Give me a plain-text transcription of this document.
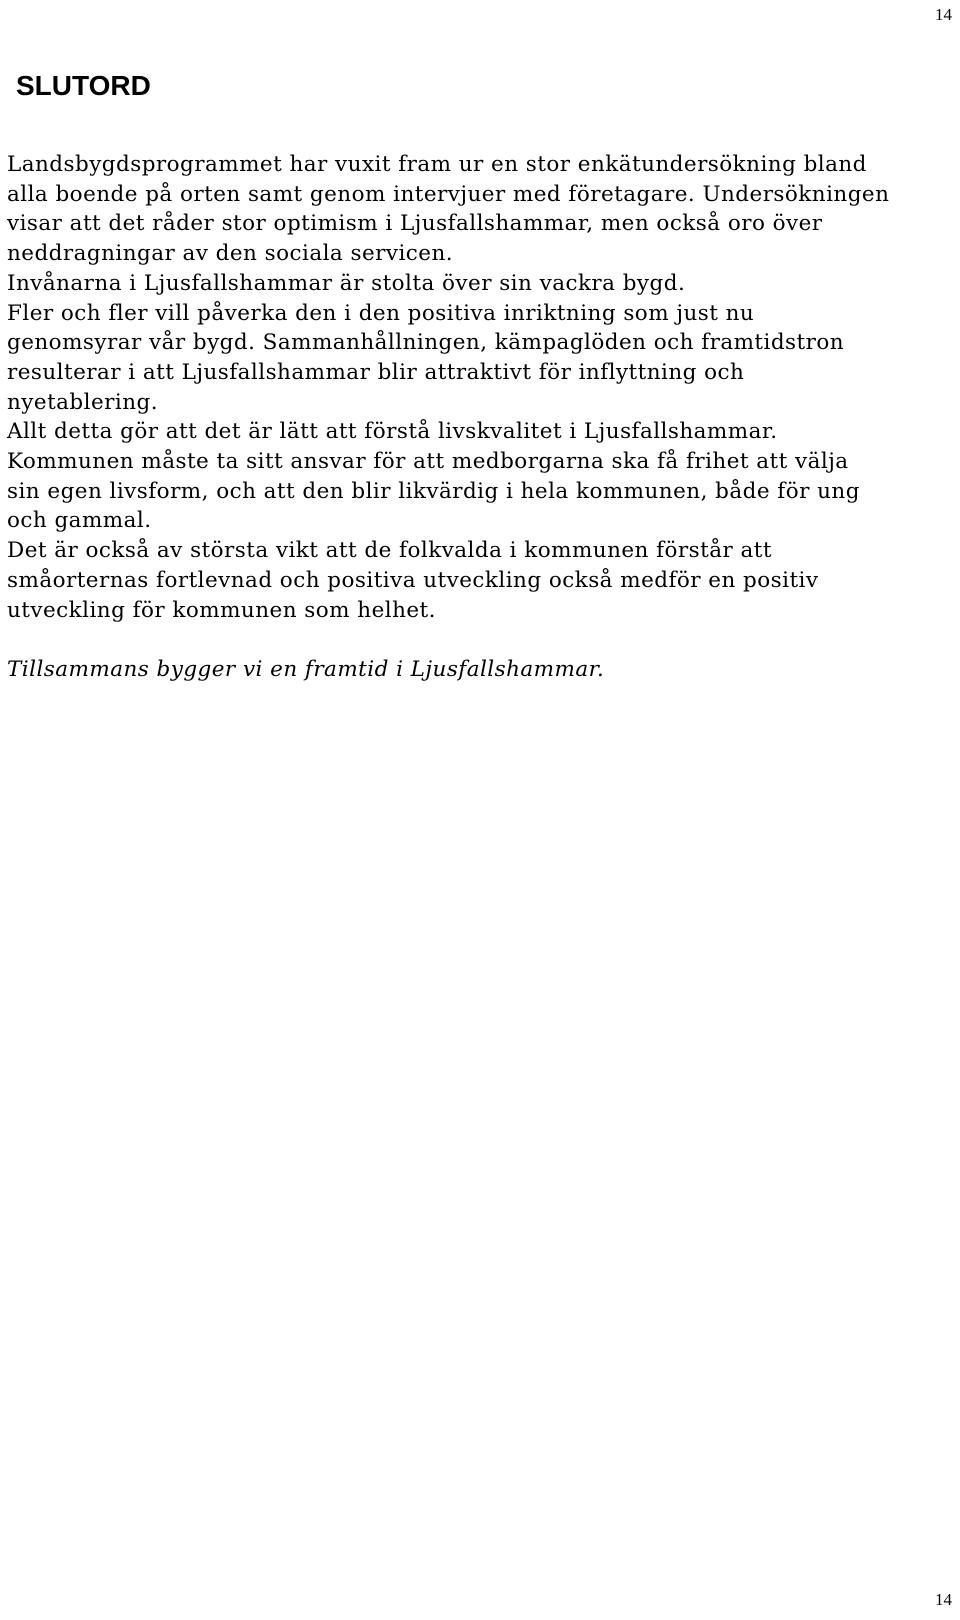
14
SLUTORD
Landsbygdsprogrammet har vuxit fram ur en stor enkätundersökning bland
alla boende på orten samt genom intervjuer med företagare. Undersökningen
visar att det råder stor optimism i Ljusfallshammar, men också oro över
neddragningar av den sociala servicen.
Invånarna i Ljusfallshammar är stolta över sin vackra bygd.
Fler och fler vill påverka den i den positiva inriktning som just nu
genomsyrar vår bygd. Sammanhållningen, kämpaglöden och framtidstron
resulterar i att Ljusfallshammar blir attraktivt för inflyttning och
nyetablering.
Allt detta gör att det är lätt att förstå livskvalitet i Ljusfallshammar.
Kommunen måste ta sitt ansvar för att medborgarna ska få frihet att välja
sin egen livsform, och att den blir likvärdig i hela kommunen, både för ung
och gammal.
Det är också av största vikt att de folkvalda i kommunen förstår att
småorternas fortlevnad och positiva utveckling också medför en positiv
utveckling för kommunen som helhet.
Tillsammans bygger vi en framtid i Ljusfallshammar.
14
